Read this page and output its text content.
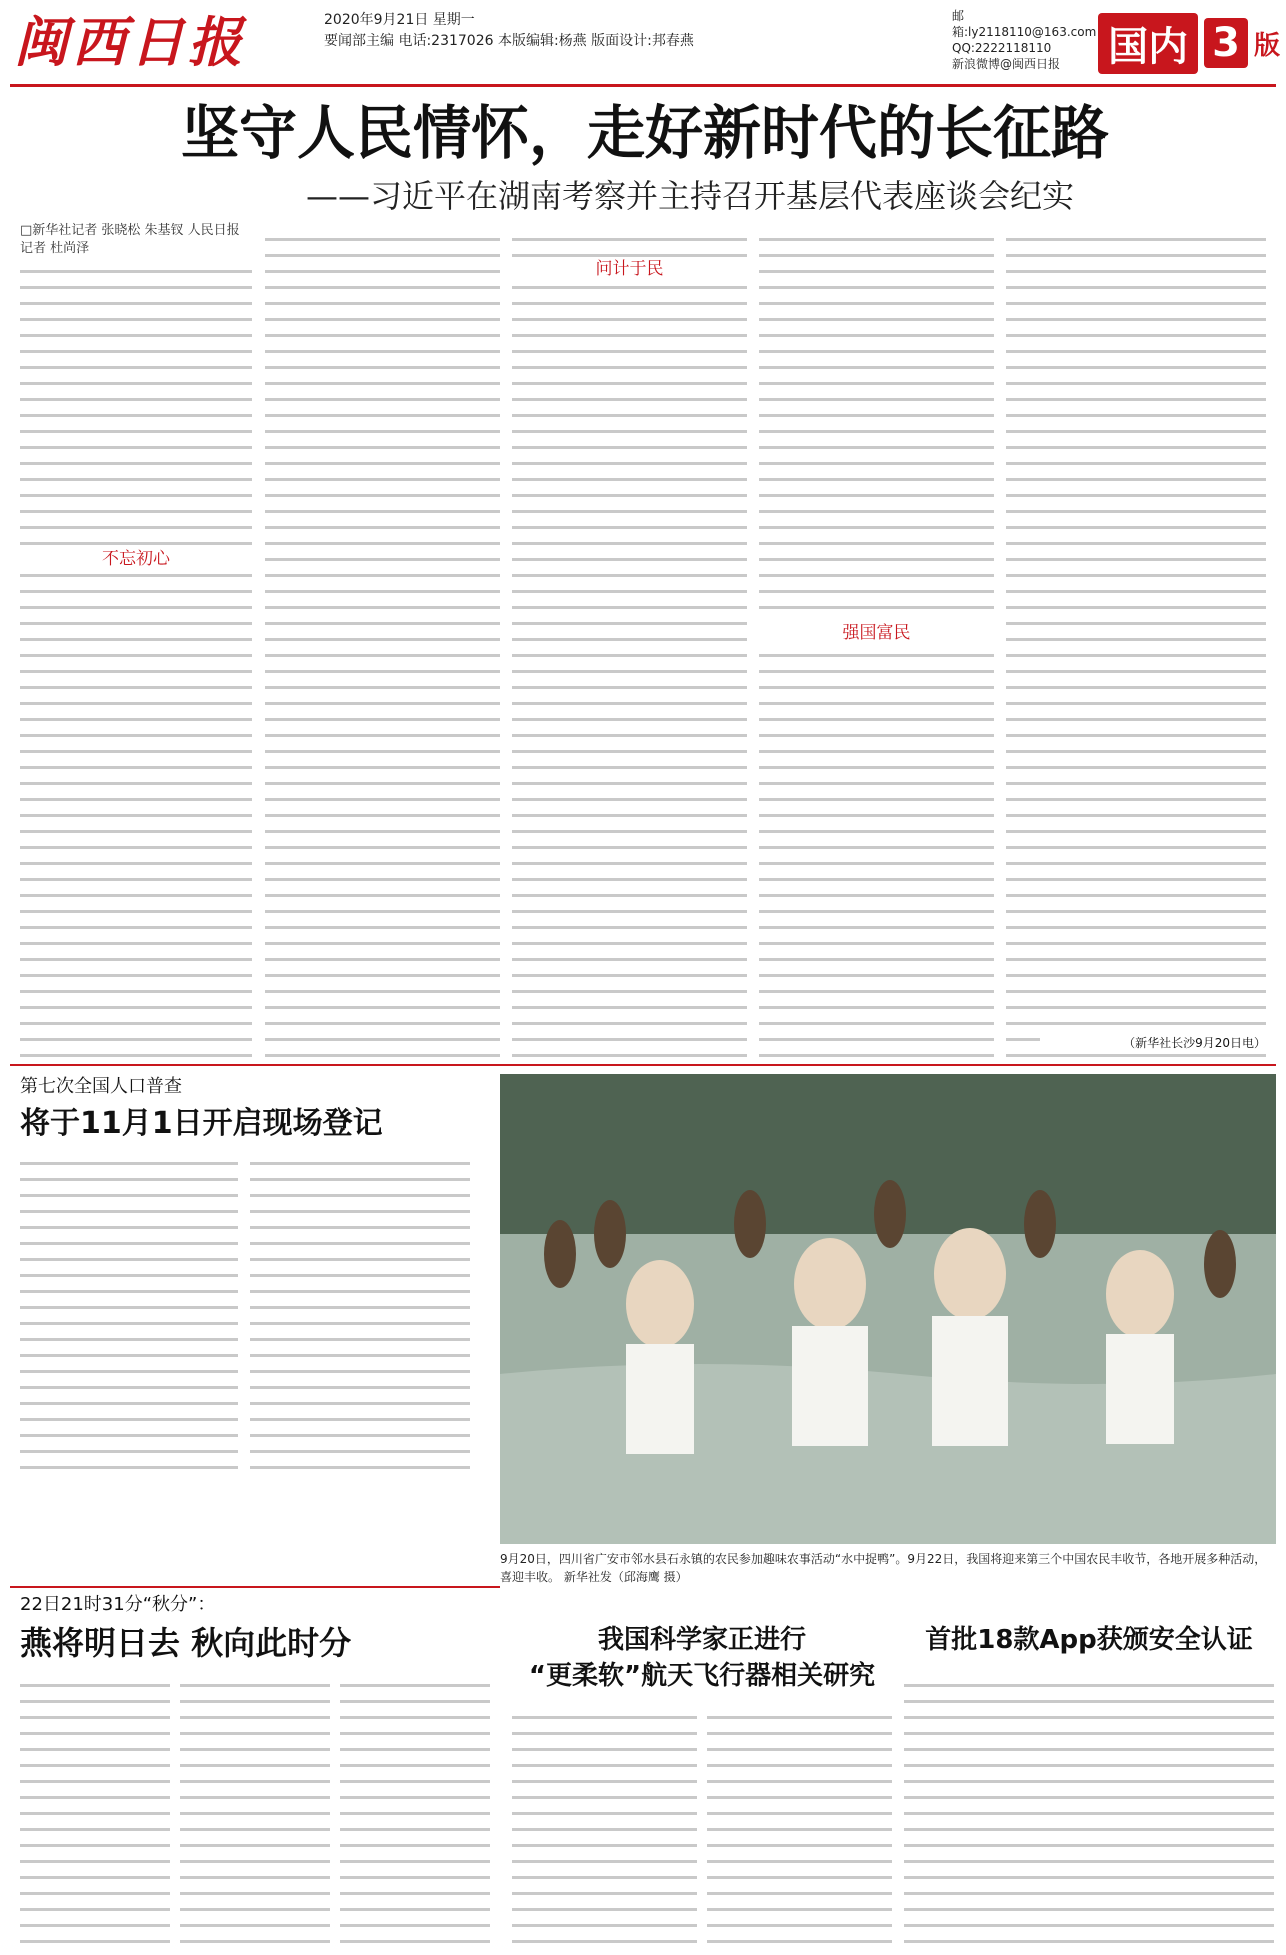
闽西日报	2020年9月21日 星期一
要闻部主编 电话:2317026 本版编辑:杨燕 版面设计:邦春燕
邮箱:ly2118110@163.com
QQ:2222118110
新浪微博@闽西日报	国内 3 版
坚守人民情怀，走好新时代的长征路
——习近平在湖南考察并主持召开基层代表座谈会纪实
□新华社记者 张晓松 朱基钗 人民日报记者 杜尚泽
不忘初心
问计于民
强国富民
（新华社长沙9月20日电）
第七次全国人口普查
将于11月1日开启现场登记
9月20日，四川省广安市邻水县石永镇的农民参加趣味农事活动“水中捉鸭”。9月22日，我国将迎来第三个中国农民丰收节，各地开展多种活动，喜迎丰收。 新华社发（邱海鹰 摄）
22日21时31分“秋分”：
燕将明日去 秋向此时分	我国科学家正进行
“更柔软”航天飞行器相关研究
首批18款App获颁安全认证
